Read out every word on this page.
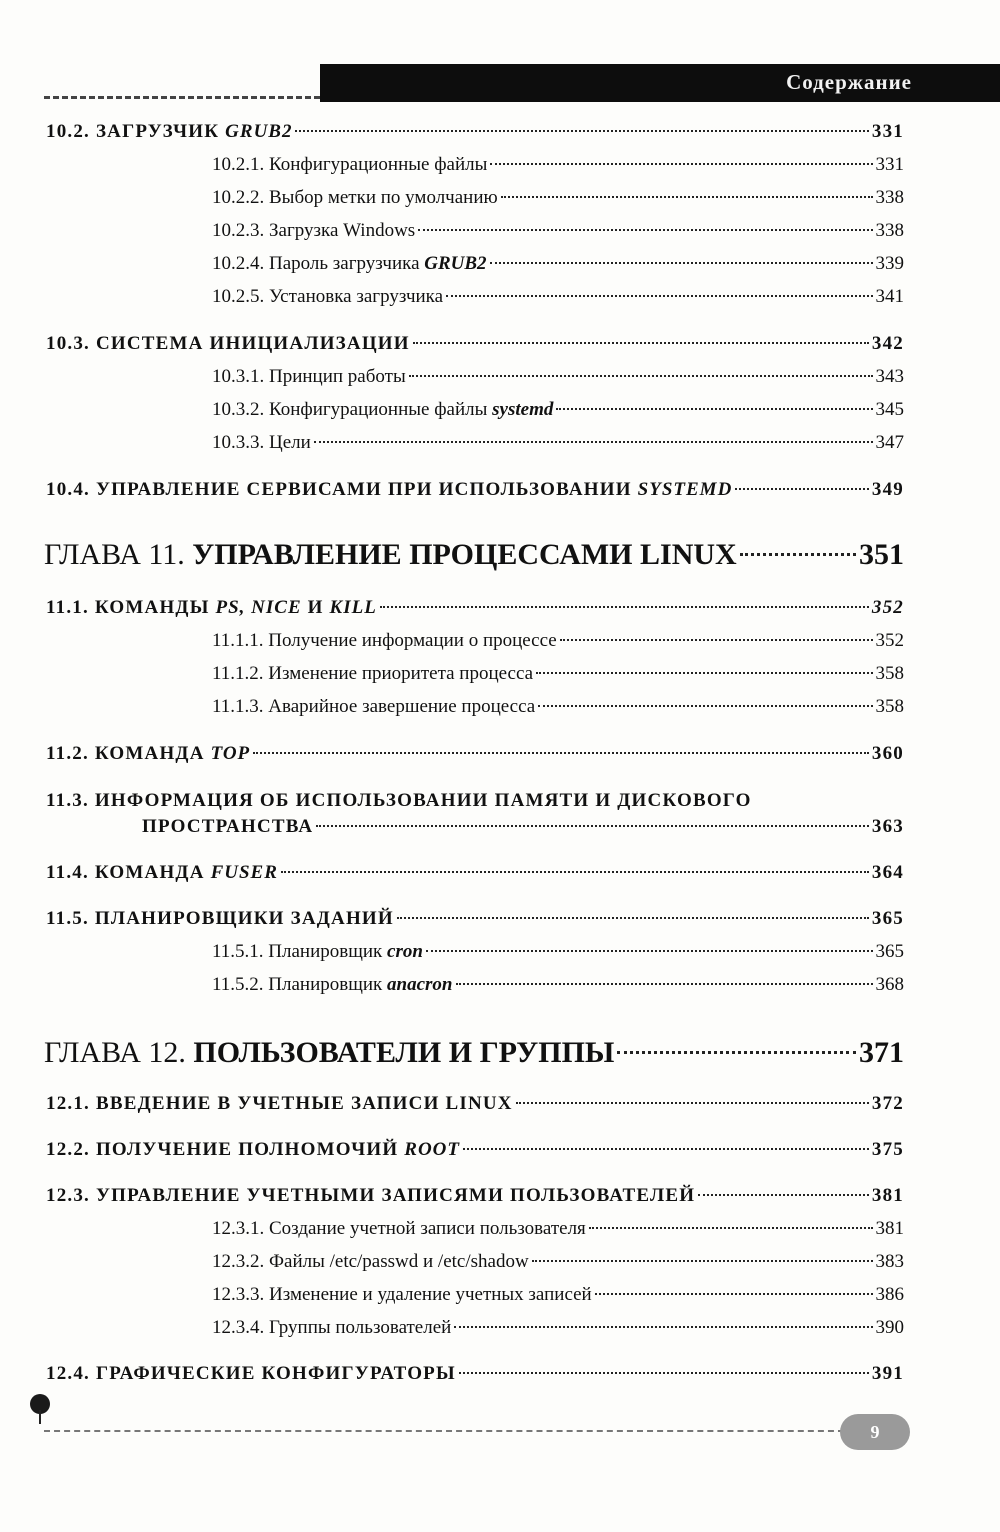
Содержание
10.2. ЗАГРУЗЧИК GRUB2	331
10.2.1. Конфигурационные файлы	331
10.2.2. Выбор метки по умолчанию	338
10.2.3. Загрузка Windows	338
10.2.4. Пароль загрузчика GRUB2	339
10.2.5. Установка загрузчика	341
10.3. СИСТЕМА ИНИЦИАЛИЗАЦИИ	342
10.3.1. Принцип работы	343
10.3.2. Конфигурационные файлы systemd	345
10.3.3. Цели	347
10.4. УПРАВЛЕНИЕ СЕРВИСАМИ ПРИ ИСПОЛЬЗОВАНИИ SYSTEMD	349
ГЛАВА 11. УПРАВЛЕНИЕ ПРОЦЕССАМИ LINUX	351
11.1. КОМАНДЫ PS, NICE И KILL	352
11.1.1. Получение информации о процессе	352
11.1.2. Изменение приоритета процесса	358
11.1.3. Аварийное завершение процесса	358
11.2. КОМАНДА TOP	360
11.3. ИНФОРМАЦИЯ ОБ ИСПОЛЬЗОВАНИИ ПАМЯТИ И ДИСКОВОГО
ПРОСТРАНСТВА	363
11.4. КОМАНДА FUSER	364
11.5. ПЛАНИРОВЩИКИ ЗАДАНИЙ	365
11.5.1. Планировщик cron	365
11.5.2. Планировщик anacron	368
ГЛАВА 12. ПОЛЬЗОВАТЕЛИ И ГРУППЫ	371
12.1. ВВЕДЕНИЕ В УЧЕТНЫЕ ЗАПИСИ LINUX	372
12.2. ПОЛУЧЕНИЕ ПОЛНОМОЧИЙ ROOT	375
12.3. УПРАВЛЕНИЕ УЧЕТНЫМИ ЗАПИСЯМИ ПОЛЬЗОВАТЕЛЕЙ	381
12.3.1. Создание учетной записи пользователя	381
12.3.2. Файлы /etc/passwd и /etc/shadow	383
12.3.3. Изменение и удаление учетных записей	386
12.3.4. Группы пользователей	390
12.4. ГРАФИЧЕСКИЕ КОНФИГУРАТОРЫ	391
9
